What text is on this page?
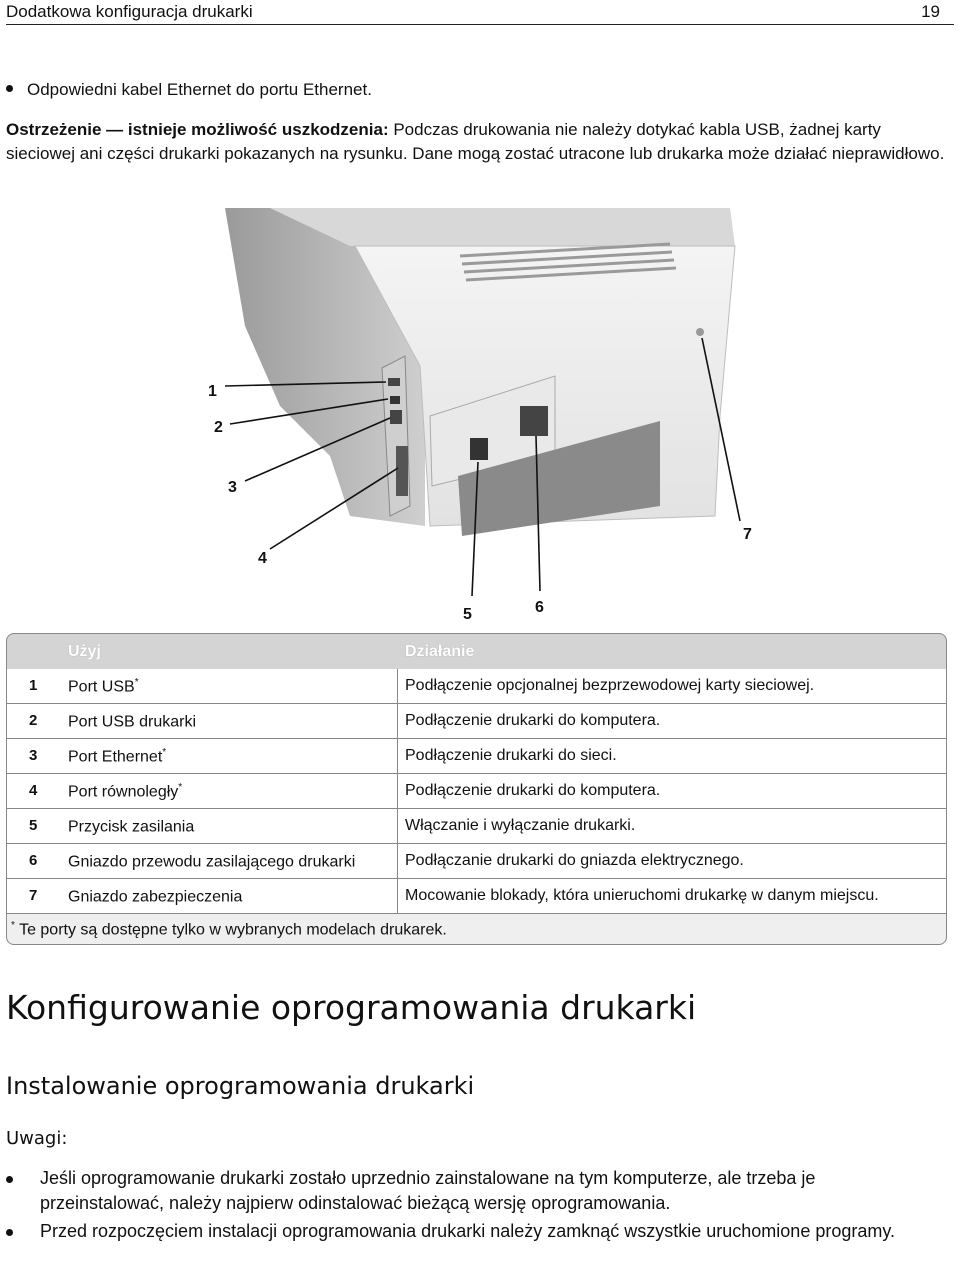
Dodatkowa konfiguracja drukarki	19
Odpowiedni kabel Ethernet do portu Ethernet.
Ostrzeżenie — istnieje możliwość uszkodzenia: Podczas drukowania nie należy dotykać kabla USB, żadnej karty sieciowej ani części drukarki pokazanych na rysunku. Dane mogą zostać utracone lub drukarka może działać nieprawidłowo.
1
2
3
4
5	6
7
Użyj	Działanie
1 Port USB*	Podłączenie opcjonalnej bezprzewodowej karty sieciowej.
2 Port USB drukarki	Podłączenie drukarki do komputera.
3 Port Ethernet*	Podłączenie drukarki do sieci.
4 Port równoległy*	Podłączenie drukarki do komputera.
5 Przycisk zasilania	Włączanie i wyłączanie drukarki.
6 Gniazdo przewodu zasilającego drukarki	Podłączanie drukarki do gniazda elektrycznego.
7 Gniazdo zabezpieczenia	Mocowanie blokady, która unieruchomi drukarkę w danym miejscu.
* Te porty są dostępne tylko w wybranych modelach drukarek.
Konfigurowanie oprogramowania drukarki
Instalowanie oprogramowania drukarki
Uwagi:
Jeśli oprogramowanie drukarki zostało uprzednio zainstalowane na tym komputerze, ale trzeba je przeinstalować, należy najpierw odinstalować bieżącą wersję oprogramowania.
Przed rozpoczęciem instalacji oprogramowania drukarki należy zamknąć wszystkie uruchomione programy.
